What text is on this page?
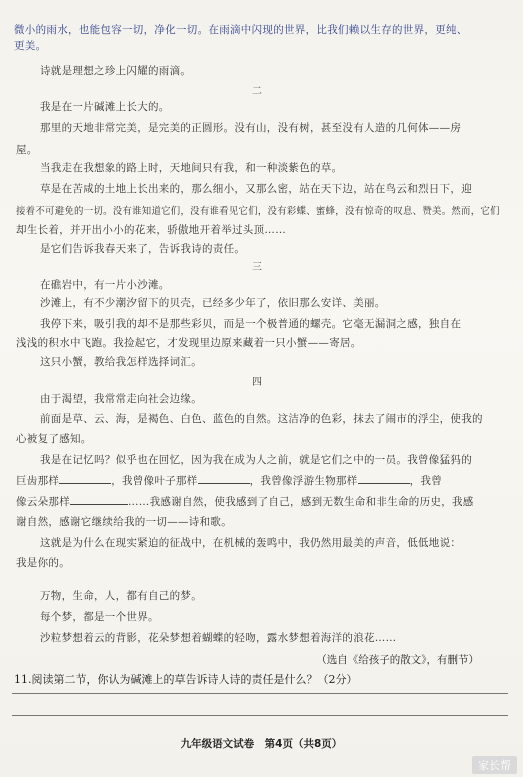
微小的雨水，也能包容一切，净化一切。在雨滴中闪现的世界，比我们赖以生存的世界，更纯、
更美。
诗就是理想之珍上闪耀的雨滴。
二
我是在一片碱滩上长大的。
那里的天地非常完美，是完美的正圆形。没有山，没有树，甚至没有人造的几何体——房
屋。
当我走在我想象的路上时，天地间只有我，和一种淡紫色的草。
草是在苦咸的土地上长出来的，那么细小，又那么密，站在天下边，站在鸟云和烈日下，迎
接着不可避免的一切。没有谁知道它们，没有谁看见它们，没有彩蝶、蜜蜂，没有惊奇的叹息、赞美。然而，它们
却生长着，并开出小小的花来，骄傲地开着举过头顶……
是它们告诉我春天来了，告诉我诗的责任。
三
在礁岩中，有一片小沙滩。
沙滩上，有不少潮汐留下的贝壳，已经多少年了，依旧那么安详、美丽。
我停下来，吸引我的却不是那些彩贝，而是一个极普通的螺壳。它毫无漏洞之感，独自在
浅浅的积水中飞跑。我捡起它，才发现里边原来藏着一只小蟹——寄居。
这只小蟹，教给我怎样选择词汇。
四
由于渴望，我常常走向社会边缘。
前面是草、云、海，是褐色、白色、蓝色的自然。这洁净的色彩，抹去了闹市的浮尘，使我的
心被复了感知。
我是在记忆吗？似乎也在回忆，因为我在成为人之前，就是它们之中的一员。我曾像猛犸的
巨齿那样	，我曾像叶子那样	，我曾像浮游生物那样	，我曾
像云朵那样	……我感谢自然，使我感到了自己，感到无数生命和非生命的历史，我感
谢自然，感谢它继续给我的一切——诗和歌。
这就是为什么在现实紧迫的征战中，在机械的轰鸣中，我仍然用最美的声音，低低地说：
我是你的。
万物，生命，人，都有自己的梦。
每个梦，都是一个世界。
沙粒梦想着云的背影，花朵梦想着蝴蝶的轻吻，露水梦想着海洋的浪花……
（选自《给孩子的散文》，有删节）
11.阅读第二节，你认为碱滩上的草告诉诗人诗的责任是什么？（2分）
九年级语文试卷　第4页（共8页）
家长帮
